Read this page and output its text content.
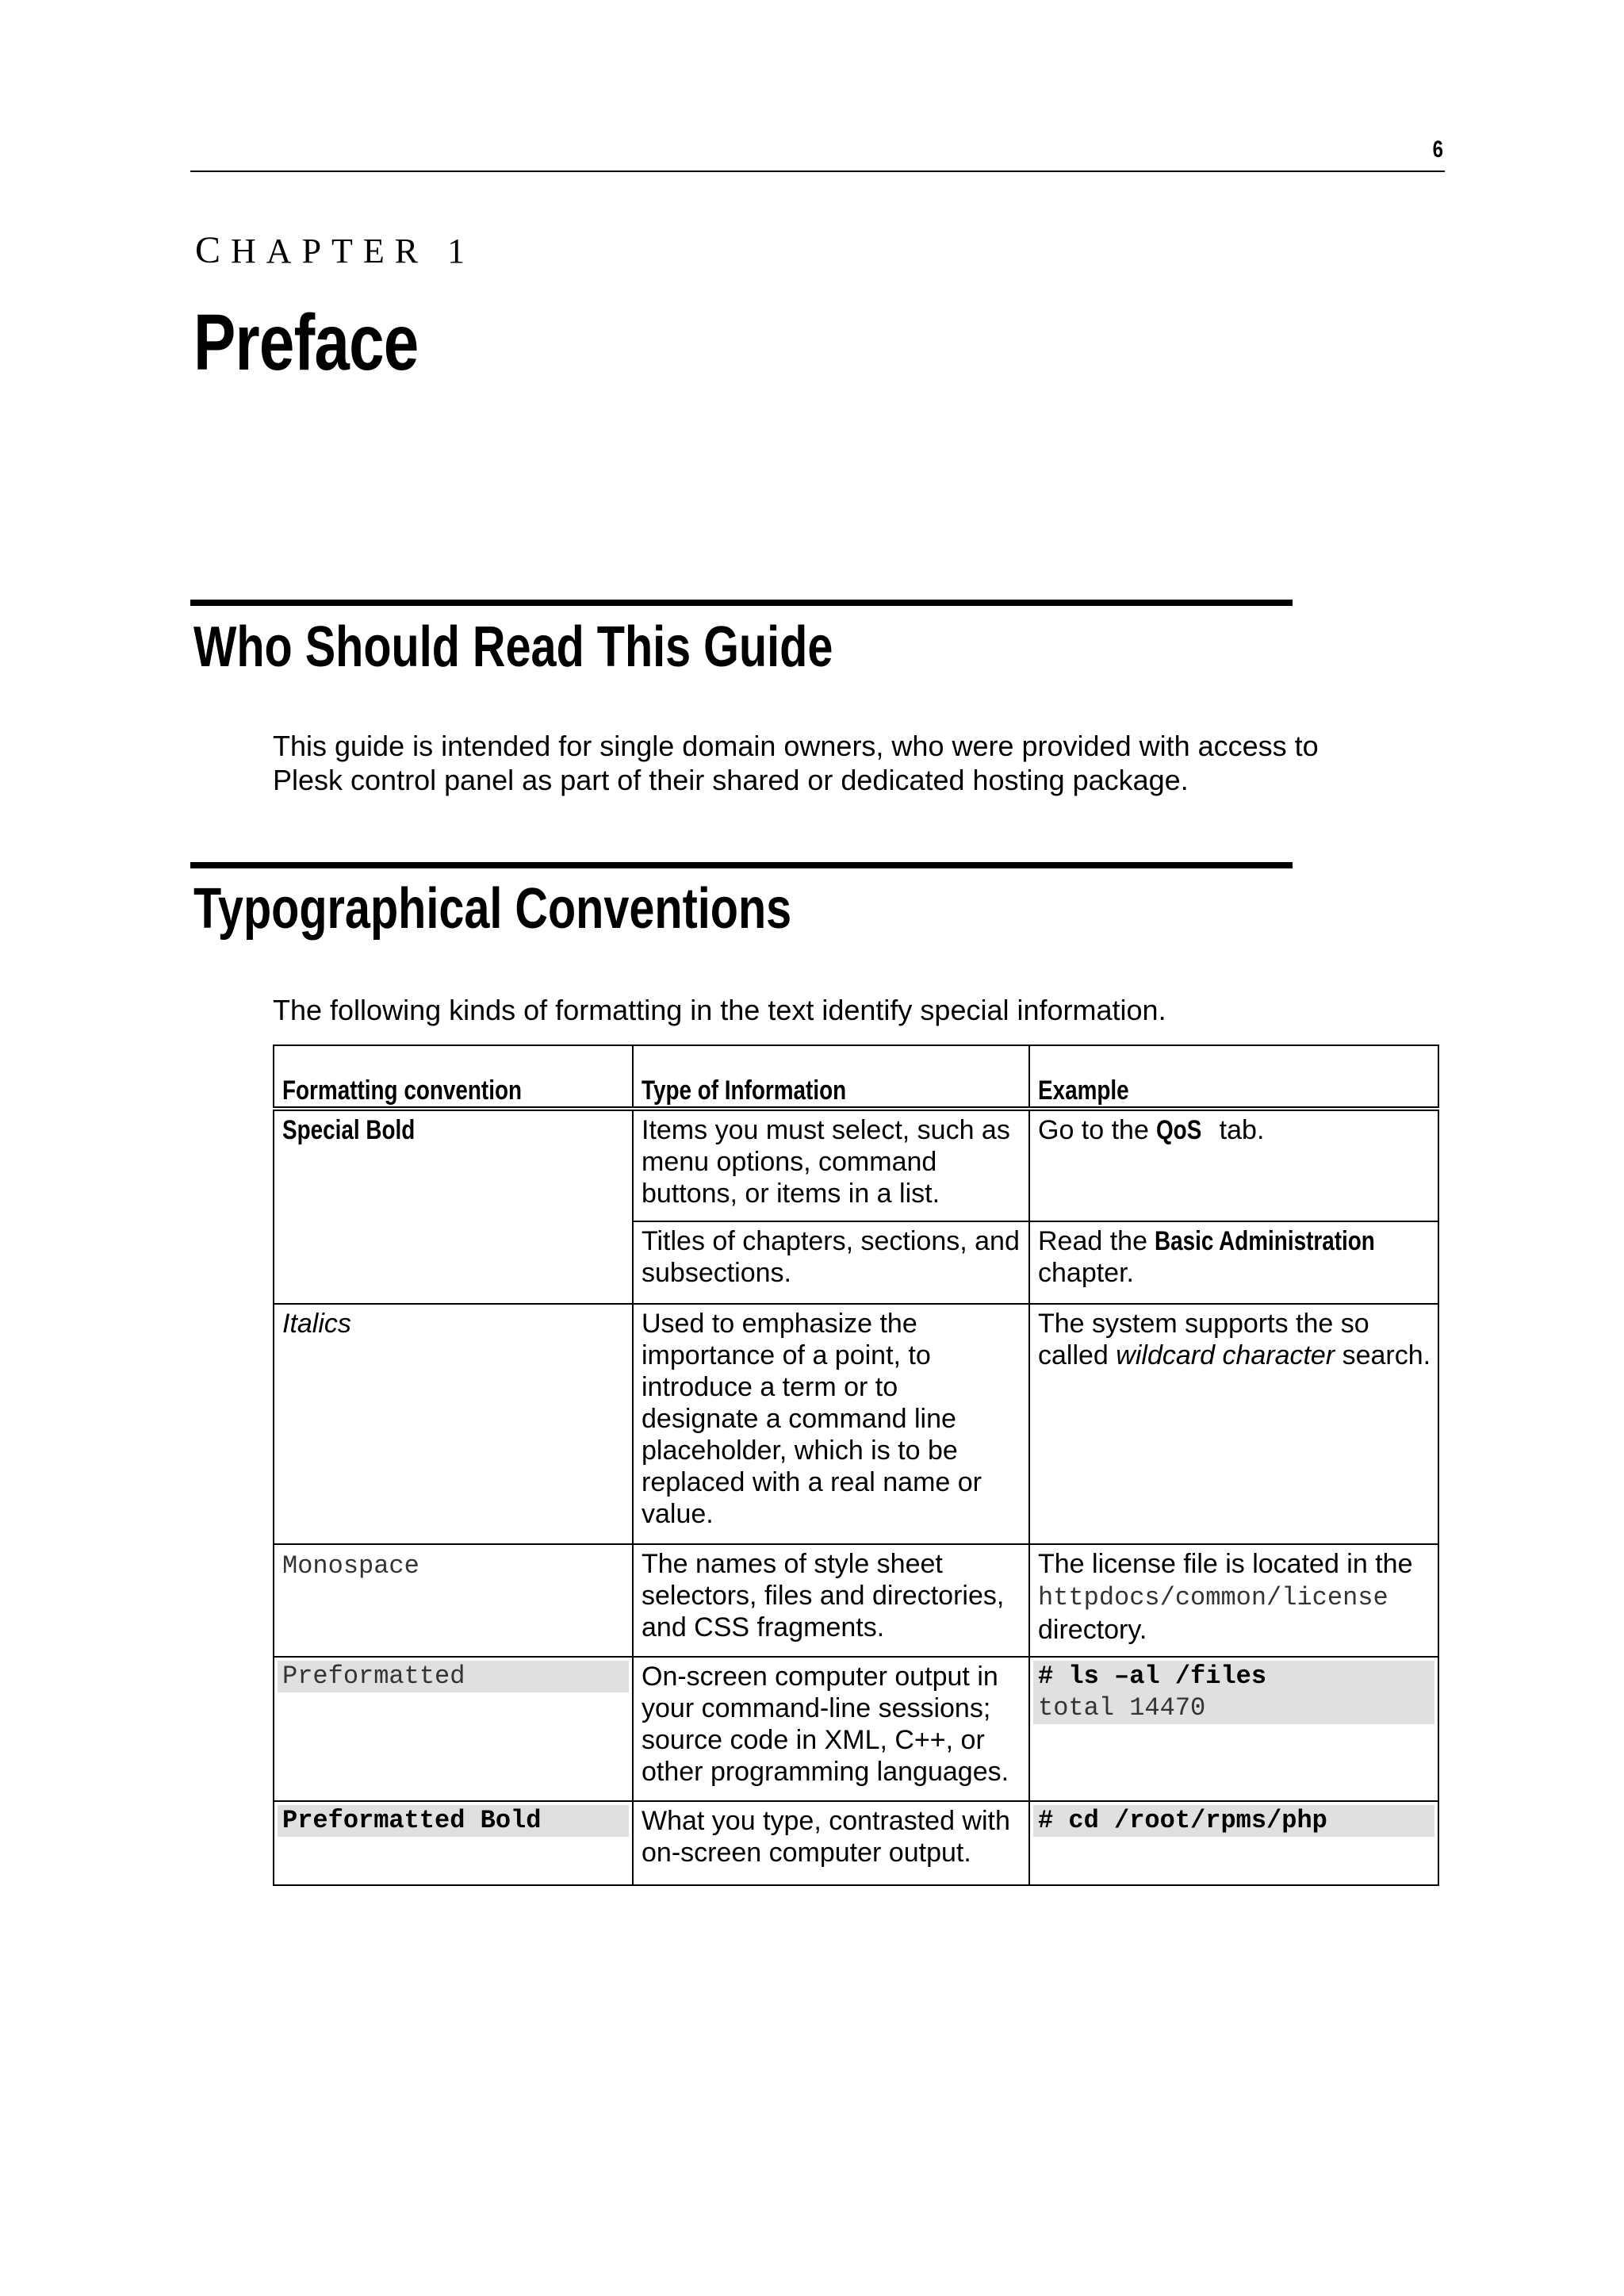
6
CHAPTER 1
Preface
Who Should Read This Guide
This guide is intended for single domain owners, who were provided with access to
Plesk control panel as part of their shared or dedicated hosting package.
Typographical Conventions
The following kinds of formatting in the text identify special information.
Formatting convention	Type of Information	Example
Special Bold	Items you must select, such as menu options, command buttons, or items in a list.	Go to the QoS tab.
	Titles of chapters, sections, and subsections.	Read the Basic Administration
chapter.
Italics	Used to emphasize the importance of a point, to introduce a term or to designate a command line placeholder, which is to be replaced with a real name or value.	The system supports the so called wildcard character search.
Monospace	The names of style sheet selectors, files and directories, and CSS fragments.	The license file is located in the
httpdocs/common/license
directory.

Preformatted	On-screen computer output in your command-line sessions; source code in XML, C++, or other programming languages.	# ls –al /files
total 14470

Preformatted Bold	What you type, contrasted with on-screen computer output.	# cd /root/rpms/php
